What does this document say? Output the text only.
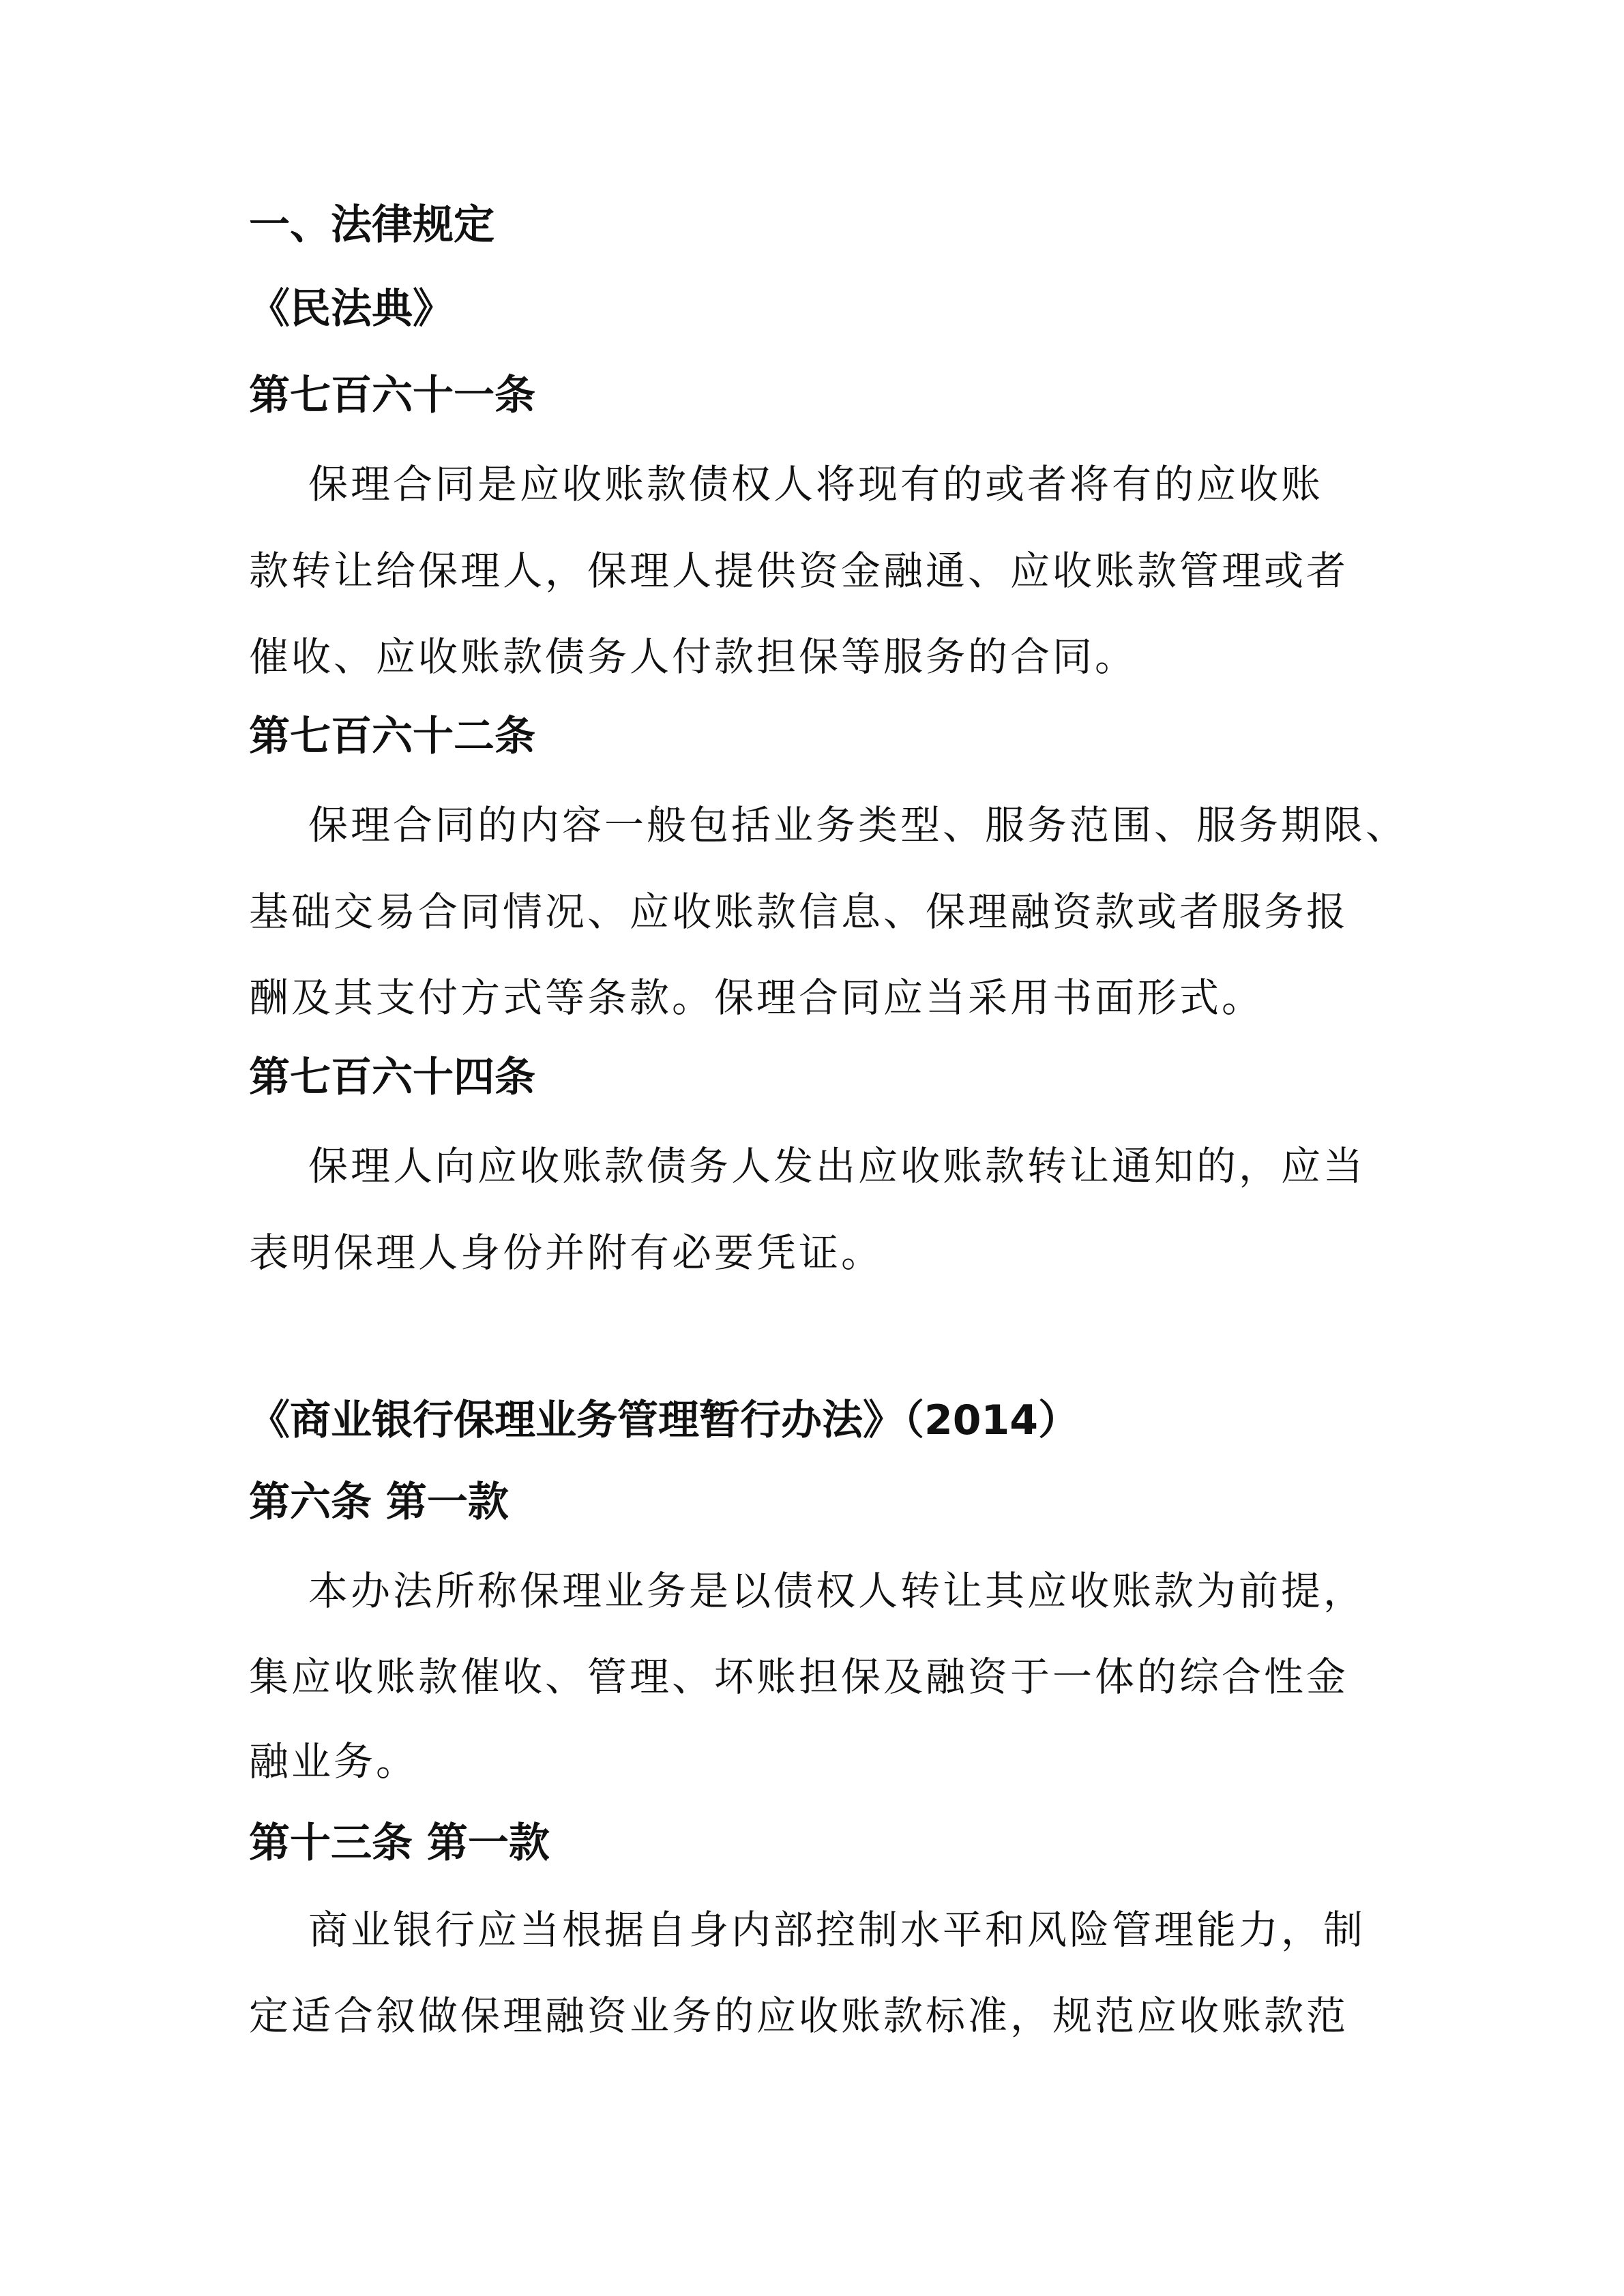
一、法律规定
《民法典》
第七百六十一条
保理合同是应收账款债权人将现有的或者将有的应收账
款转让给保理人，保理人提供资金融通、应收账款管理或者
催收、应收账款债务人付款担保等服务的合同。
第七百六十二条
保理合同的内容一般包括业务类型、服务范围、服务期限、
基础交易合同情况、应收账款信息、保理融资款或者服务报
酬及其支付方式等条款。保理合同应当采用书面形式。
第七百六十四条
保理人向应收账款债务人发出应收账款转让通知的，应当
表明保理人身份并附有必要凭证。
《商业银行保理业务管理暂行办法》（2014）
第六条 第一款
本办法所称保理业务是以债权人转让其应收账款为前提，
集应收账款催收、管理、坏账担保及融资于一体的综合性金
融业务。
第十三条 第一款
商业银行应当根据自身内部控制水平和风险管理能力，制
定适合叙做保理融资业务的应收账款标准，规范应收账款范
